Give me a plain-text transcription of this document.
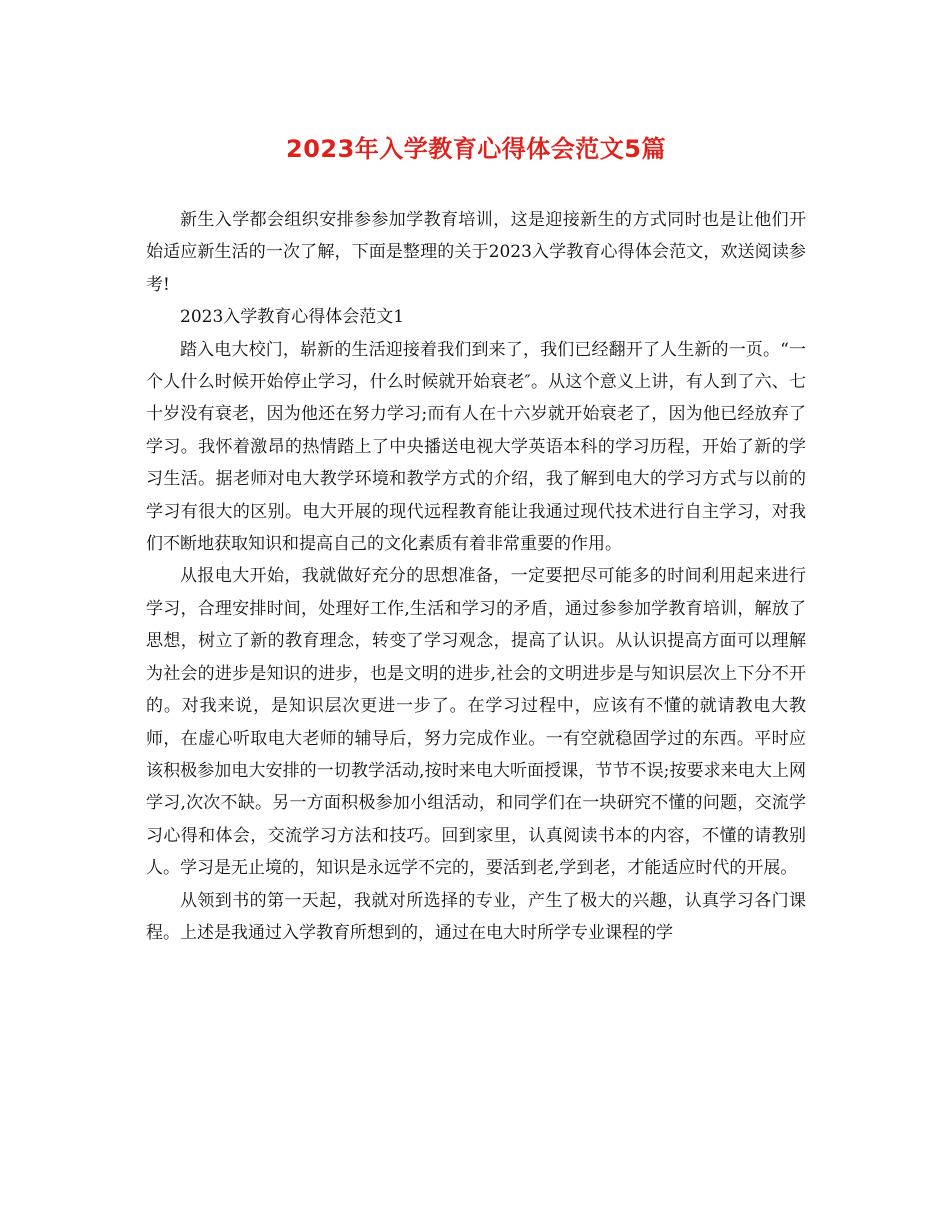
2023年入学教育心得体会范文5篇

新生入学都会组织安排参参加学教育培训，这是迎接新生的方式同时也是让他们开始适应新生活的一次了解，下面是整理的关于2023入学教育心得体会范文，欢送阅读参考!

2023入学教育心得体会范文1

踏入电大校门，崭新的生活迎接着我们到来了，我们已经翻开了人生新的一页。“一个人什么时候开始停止学习，什么时候就开始衰老″。从这个意义上讲，有人到了六、七十岁没有衰老，因为他还在努力学习;而有人在十六岁就开始衰老了，因为他已经放弃了学习。我怀着激昂的热情踏上了中央播送电视大学英语本科的学习历程，开始了新的学习生活。据老师对电大教学环境和教学方式的介绍，我了解到电大的学习方式与以前的学习有很大的区别。电大开展的现代远程教育能让我通过现代技术进行自主学习，对我们不断地获取知识和提高自己的文化素质有着非常重要的作用。

从报电大开始，我就做好充分的思想准备，一定要把尽可能多的时间利用起来进行学习，合理安排时间，处理好工作,生活和学习的矛盾，通过参参加学教育培训，解放了思想，树立了新的教育理念，转变了学习观念，提高了认识。从认识提高方面可以理解为社会的进步是知识的进步，也是文明的进步,社会的文明进步是与知识层次上下分不开的。对我来说，是知识层次更进一步了。在学习过程中，应该有不懂的就请教电大教师，在虚心听取电大老师的辅导后，努力完成作业。一有空就稳固学过的东西。平时应该积极参加电大安排的一切教学活动,按时来电大听面授课，节节不误;按要求来电大上网学习,次次不缺。另一方面积极参加小组活动，和同学们在一块研究不懂的问题，交流学习心得和体会，交流学习方法和技巧。回到家里，认真阅读书本的内容，不懂的请教别人。学习是无止境的，知识是永远学不完的，要活到老,学到老，才能适应时代的开展。

从领到书的第一天起，我就对所选择的专业，产生了极大的兴趣，认真学习各门课程。上述是我通过入学教育所想到的，通过在电大时所学专业课程的学
